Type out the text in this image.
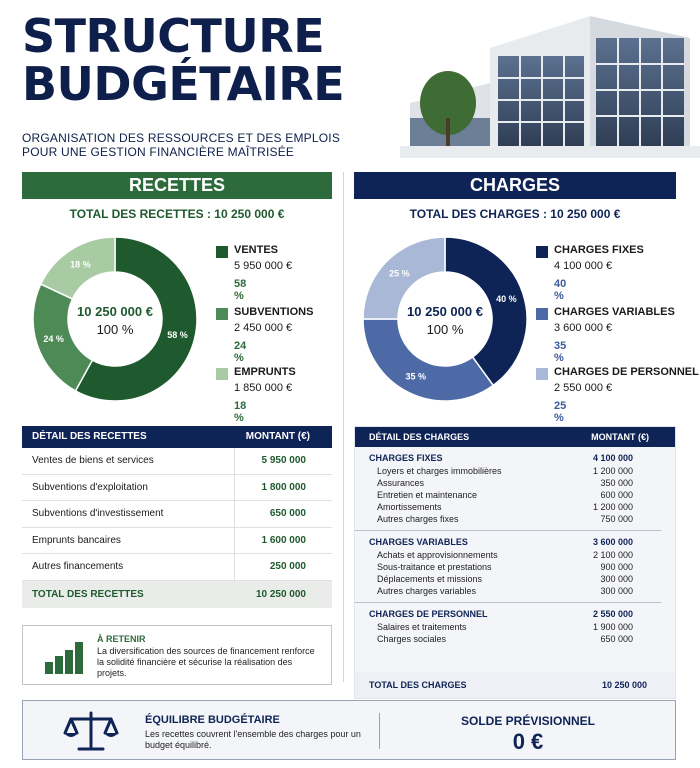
STRUCTURE
BUDGÉTAIRE
ORGANISATION DES RESSOURCES ET DES EMPLOIS
POUR UNE GESTION FINANCIÈRE MAÎTRISÉE
RECETTES
TOTAL DES RECETTES : 10 250 000 €
58 %
24 %
18 %
10 250 000 €
100 %
VENTES
5 950 000 €
58 %
SUBVENTIONS
2 450 000 €
24 %
EMPRUNTS
1 850 000 €
18 %
DÉTAIL DES RECETTES	MONTANT (€)
Ventes de biens et services	5 950 000
Subventions d'exploitation	1 800 000
Subventions d'investissement	650 000
Emprunts bancaires	1 600 000
Autres financements	250 000
TOTAL DES RECETTES	10 250 000
À RETENIR
La diversification des sources de financement renforce la solidité financière et sécurise la réalisation des projets.
CHARGES
TOTAL DES CHARGES : 10 250 000 €
40 %
35 %
25 %
10 250 000 €
100 %
CHARGES FIXES
4 100 000 €
40 %
CHARGES VARIABLES
3 600 000 €
35 %
CHARGES DE PERSONNEL
2 550 000 €
25 %
DÉTAIL DES CHARGES	MONTANT (€)
CHARGES FIXES	4 100 000
Loyers et charges immobilières	1 200 000
Assurances	350 000
Entretien et maintenance	600 000
Amortissements	1 200 000
Autres charges fixes	750 000
CHARGES VARIABLES	3 600 000
Achats et approvisionnements	2 100 000
Sous-traitance et prestations	900 000
Déplacements et missions	300 000
Autres charges variables	300 000
CHARGES DE PERSONNEL	2 550 000
Salaires et traitements	1 900 000
Charges sociales	650 000
TOTAL DES CHARGES	10 250 000
ÉQUILIBRE BUDGÉTAIRE
Les recettes couvrent l'ensemble des charges pour un budget équilibré.
SOLDE PRÉVISIONNEL
0 €
